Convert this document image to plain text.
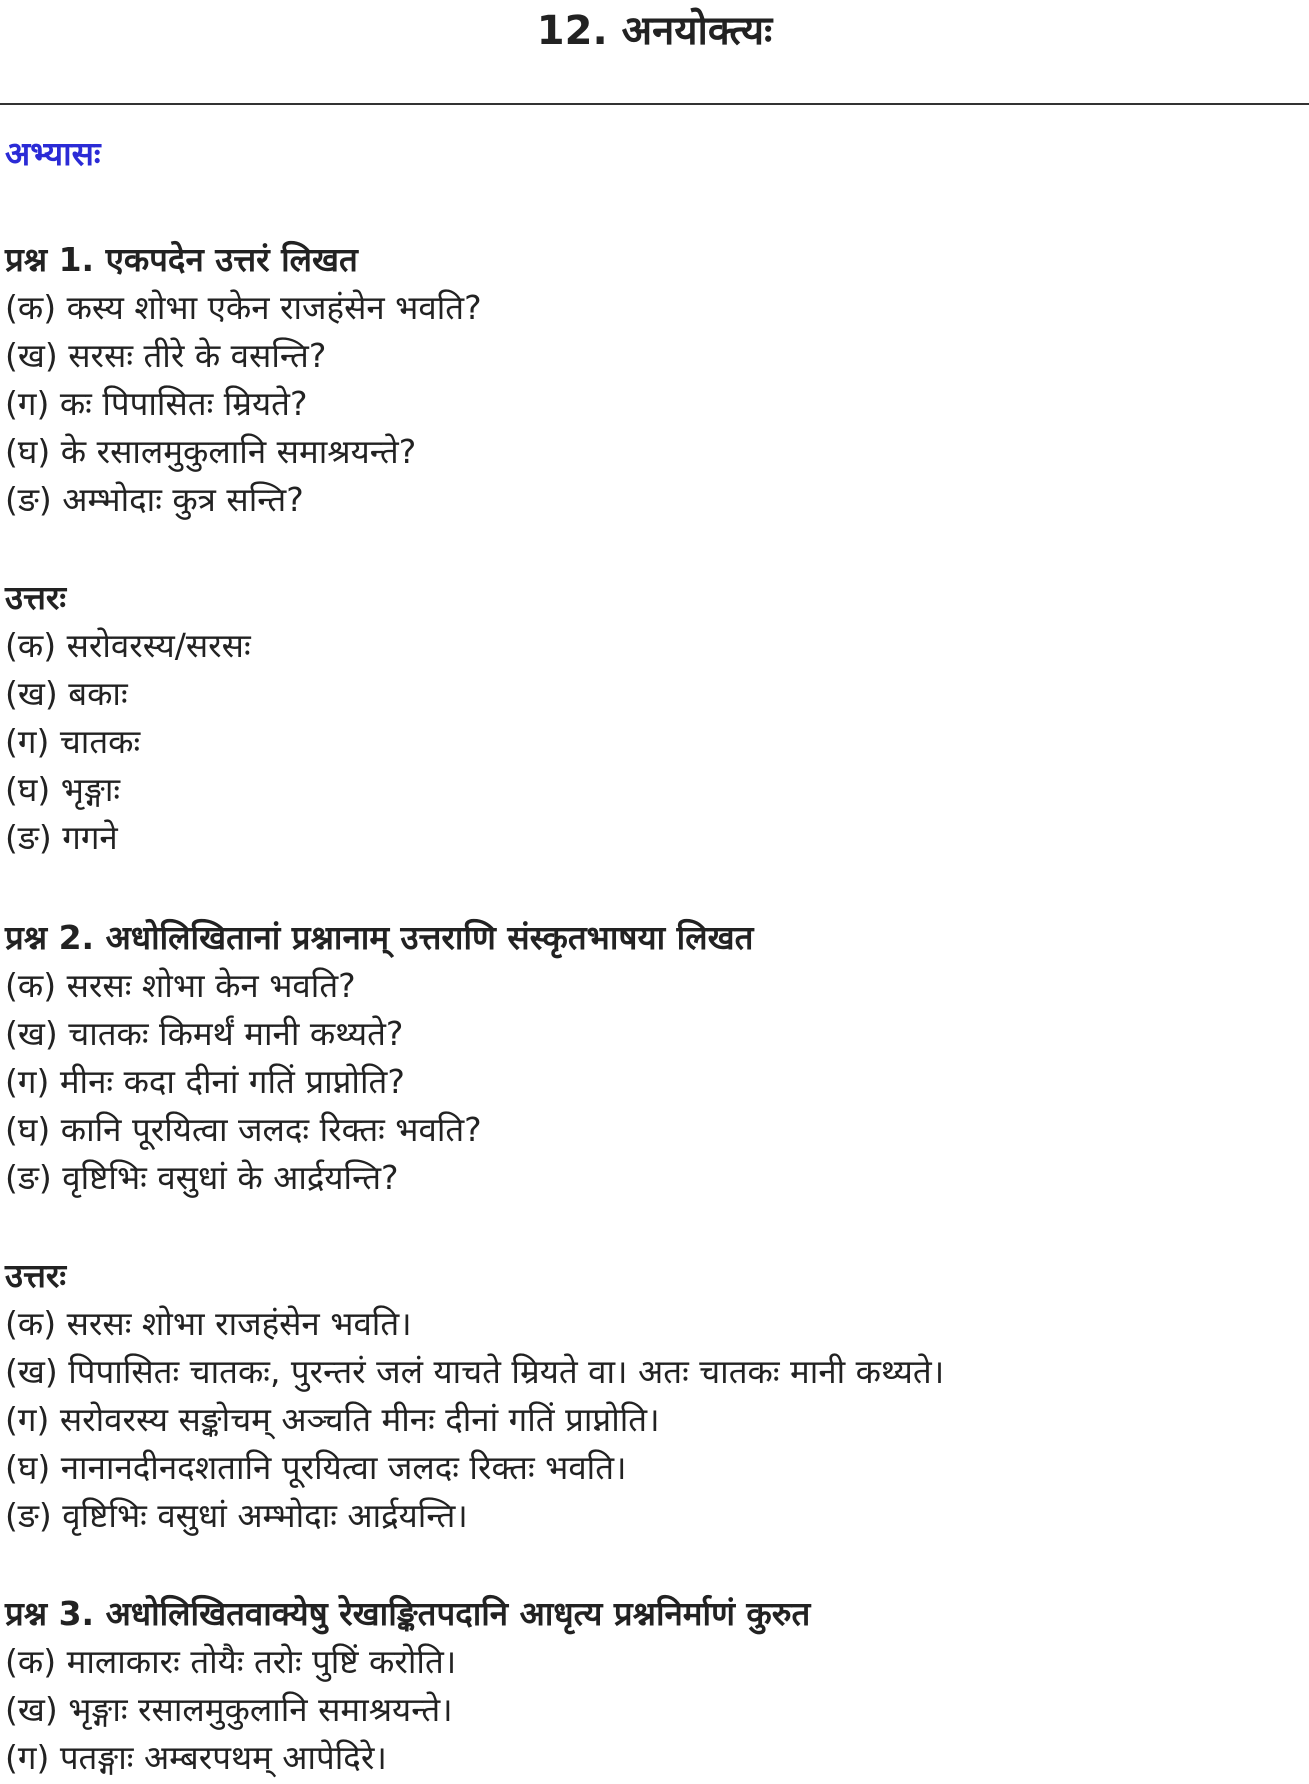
12. अनयोक्त्यः
अभ्यासः
प्रश्न 1. एकपदेन उत्तरं लिखत
(क) कस्य शोभा एकेन राजहंसेन भवति?
(ख) सरसः तीरे के वसन्ति?
(ग) कः पिपासितः म्रियते?
(घ) के रसालमुकुलानि समाश्रयन्ते?
(ङ) अम्भोदाः कुत्र सन्ति?
उत्तरः
(क) सरोवरस्य/सरसः
(ख) बकाः
(ग) चातकः
(घ) भृङ्गाः
(ङ) गगने
प्रश्न 2. अधोलिखितानां प्रश्नानाम् उत्तराणि संस्कृतभाषया लिखत
(क) सरसः शोभा केन भवति?
(ख) चातकः किमर्थं मानी कथ्यते?
(ग) मीनः कदा दीनां गतिं प्राप्नोति?
(घ) कानि पूरयित्वा जलदः रिक्तः भवति?
(ङ) वृष्टिभिः वसुधां के आर्द्रयन्ति?
उत्तरः
(क) सरसः शोभा राजहंसेन भवति।
(ख) पिपासितः चातकः, पुरन्तरं जलं याचते म्रियते वा। अतः चातकः मानी कथ्यते।
(ग) सरोवरस्य सङ्कोचम् अञ्चति मीनः दीनां गतिं प्राप्नोति।
(घ) नानानदीनदशतानि पूरयित्वा जलदः रिक्तः भवति।
(ङ) वृष्टिभिः वसुधां अम्भोदाः आर्द्रयन्ति।
प्रश्न 3. अधोलिखितवाक्येषु रेखाङ्कितपदानि आधृत्य प्रश्ननिर्माणं कुरुत
(क) मालाकारः तोयैः तरोः पुष्टिं करोति।
(ख) भृङ्गाः रसालमुकुलानि समाश्रयन्ते।
(ग) पतङ्गाः अम्बरपथम् आपेदिरे।
